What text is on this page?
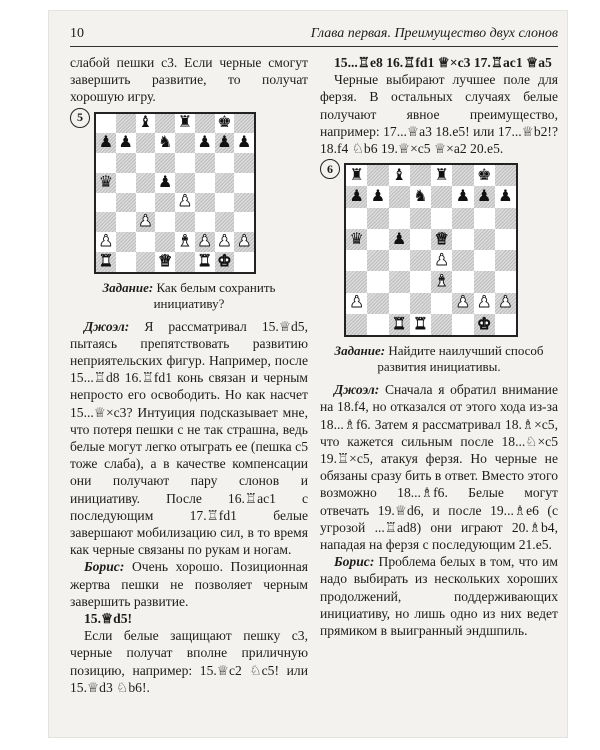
10	Глава первая. Преимущество двух слонов

слабой пешки с3. Если черные смогут завершить развитие, то получат хорошую игру.

5	♝ ♜ ♚
♟ ♟ ♞ ♟ ♟ ♟
♛	♟
♟
♟
♟	♝ ♟ ♟ ♟
♜	♛ ♜ ♚
Задание: Как белым сохранить инициативу?

Джоэл: Я рассматривал 15.♕d5, пытаясь препятствовать развитию неприятельских фигур. Например, после 15...♖d8 16.♖fd1 конь связан и черным непросто его освободить. Но как насчет 15...♕×c3? Интуиция подсказывает мне, что потеря пешки с не так страшна, ведь белые могут легко отыграть ее (пешка с5 тоже слаба), а в качестве компенсации они получают пару слонов и инициативу. После 16.♖ac1 с последующим 17.♖fd1 белые завершают мобилизацию сил, в то время как черные связаны по рукам и ногам.

Борис: Очень хорошо. Позиционная жертва пешки не позволяет черным завершить развитие.

15.♕d5!

Если белые защищают пешку с3, черные получат вполне приличную позицию, например: 15.♕c2 ♘c5! или 15.♕d3 ♘b6!.

15...♖e8 16.♖fd1 ♕×c3 17.♖ac1 ♕a5

Черные выбирают лучшее поле для ферзя. В остальных случаях белые получают явное преимущество, например: 17...♕a3 18.e5! или 17...♕b2!? 18.f4 ♘b6 19.♕×c5 ♕×a2 20.e5.

6	♜ ♝ ♜ ♚
♟ ♟ ♞ ♟ ♟ ♟
♛ ♟ ♛
♟
♝
♟	♟ ♟ ♟
♜ ♜	♚
Задание: Найдите наилучший способ развития инициативы.

Джоэл: Сначала я обратил внимание на 18.f4, но отказался от этого хода из-за 18...♗f6. Затем я рассматривал 18.♗×c5, что кажется сильным после 18...♘×c5 19.♖×c5, атакуя ферзя. Но черные не обязаны сразу бить в ответ. Вместо этого возможно 18...♗f6. Белые могут отвечать 19.♕d6, и после 19...♗e6 (с угрозой ...♖ad8) они играют 20.♗b4, нападая на ферзя с последующим 21.e5.

Борис: Проблема белых в том, что им надо выбирать из нескольких хороших продолжений, поддерживающих инициативу, но лишь одно из них ведет прямиком в выигранный эндшпиль.
